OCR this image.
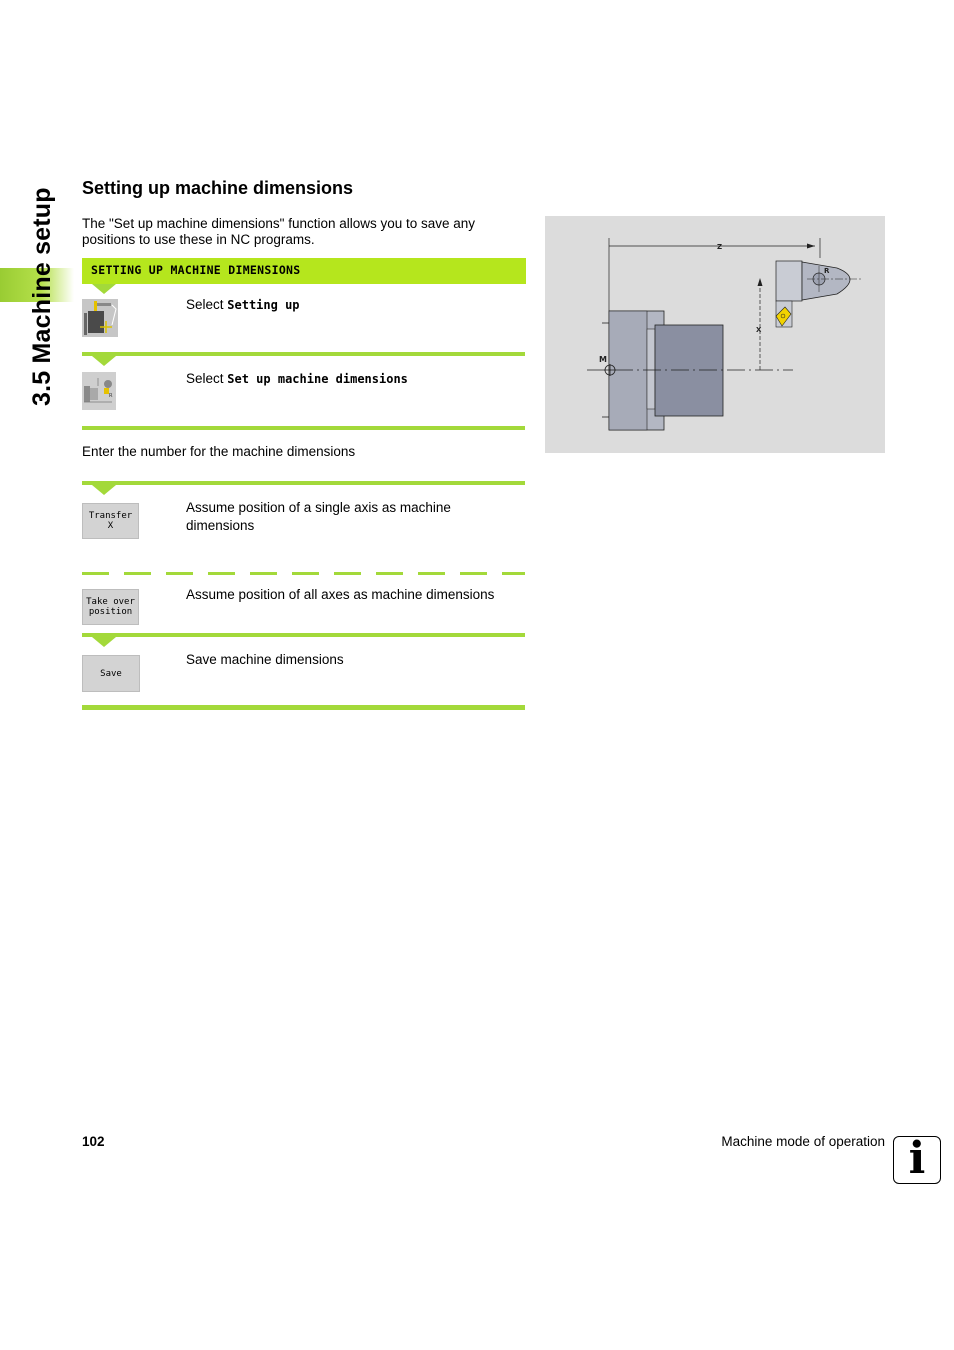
3.5 Machine setup Setting up machine dimensions

The "Set up machine dimensions" function allows you to save any positions to use these in NC programs.

SETTING UP MACHINE DIMENSIONS
Select Setting up
R
Select Set up machine dimensions
Enter the number for the machine dimensions
Transfer
X
Assume position of a single axis as machine dimensions
Take over
position
Assume position of all axes as machine dimensions
Save
Save machine dimensions
M
Z
X
R
102	Machine mode of operation i
